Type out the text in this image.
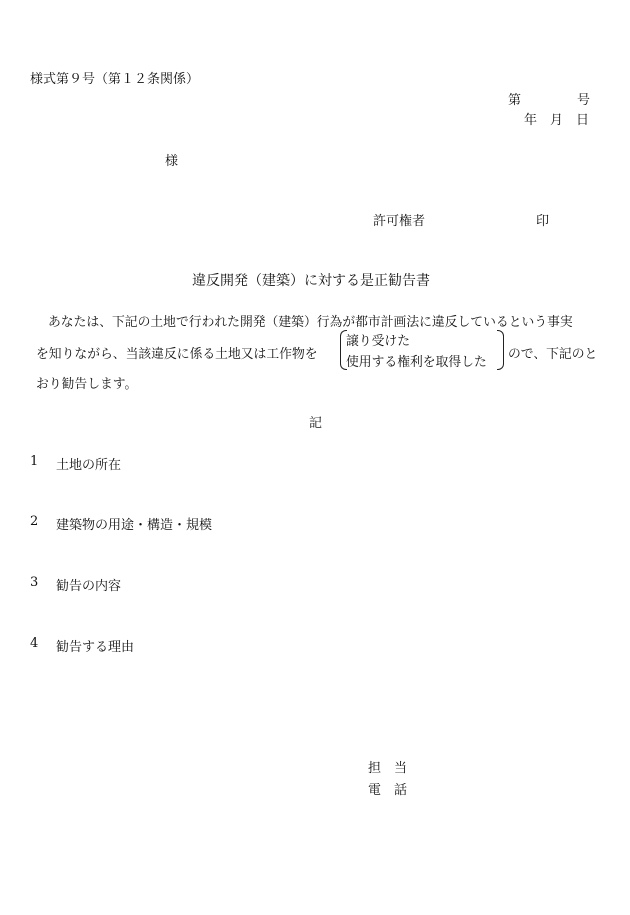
様式第９号（第１２条関係）
第	号
年 月 日
様
許可権者	印
違反開発（建築）に対する是正勧告書
あなたは、下記の土地で行われた開発（建築）行為が都市計画法に違反しているという事実
を知りながら、当該違反に係る土地又は工作物を
譲り受けた
使用する権利を取得した
ので、下記のと
おり勧告します。
記
1 土地の所在
2 建築物の用途・構造・規模
3 勧告の内容
4 勧告する理由
担　当
電　話
